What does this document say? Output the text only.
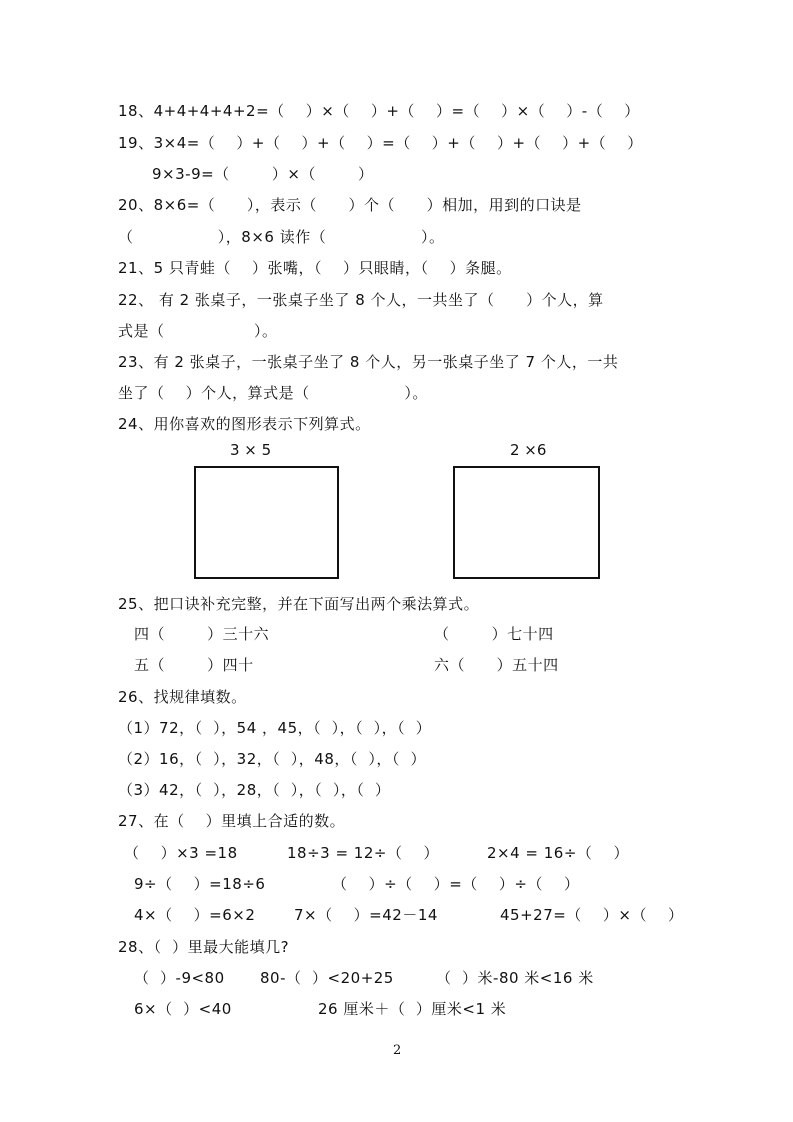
18、4+4+4+4+2=（    ）×（    ）+（    ）=（    ）×（    ）-（    ）
19、3×4=（    ）+（    ）+（    ）=（    ）+（    ）+（    ）+（    ）
9×3-9=（        ）×（        ）
20、8×6=（      ），表示（      ）个（      ）相加，用到的口诀是
（                ），8×6 读作（                  ）。
21、5 只青蛙（    ）张嘴，（    ）只眼睛，（    ）条腿。
22、 有 2 张桌子，一张桌子坐了 8 个人，一共坐了（      ）个人，算
式是（                 ）。
23、有 2 张桌子，一张桌子坐了 8 个人，另一张桌子坐了 7 个人，一共
坐了（    ）个人，算式是（                  ）。
24、用你喜欢的图形表示下列算式。
3 × 5	2 ×6
25、把口诀补充完整，并在下面写出两个乘法算式。
四（        ）三十六	（        ）七十四
五（        ）四十	六（      ）五十四
26、找规律填数。
（1）72，（  ），54 ，45，（  ），（  ），（  ）
（2）16，（  ），32，（  ），48，（  ），（  ）
（3）42，（  ），28，（  ），（  ），（  ）
27、在（    ）里填上合适的数。
（    ）×3 =18	18÷3 = 12÷（    ）	2×4 = 16÷（    ）
9÷（    ）=18÷6	（    ）÷（    ）=（    ）÷（    ）
4×（    ）=6×2	7×（    ）=42－14	45+27=（    ）×（    ）
28、（  ）里最大能填几?
（  ）-9<80 80-（  ）<20+25	（  ）米-80 米<16 米
6×（  ）<40	26 厘米＋（  ）厘米<1 米
2
